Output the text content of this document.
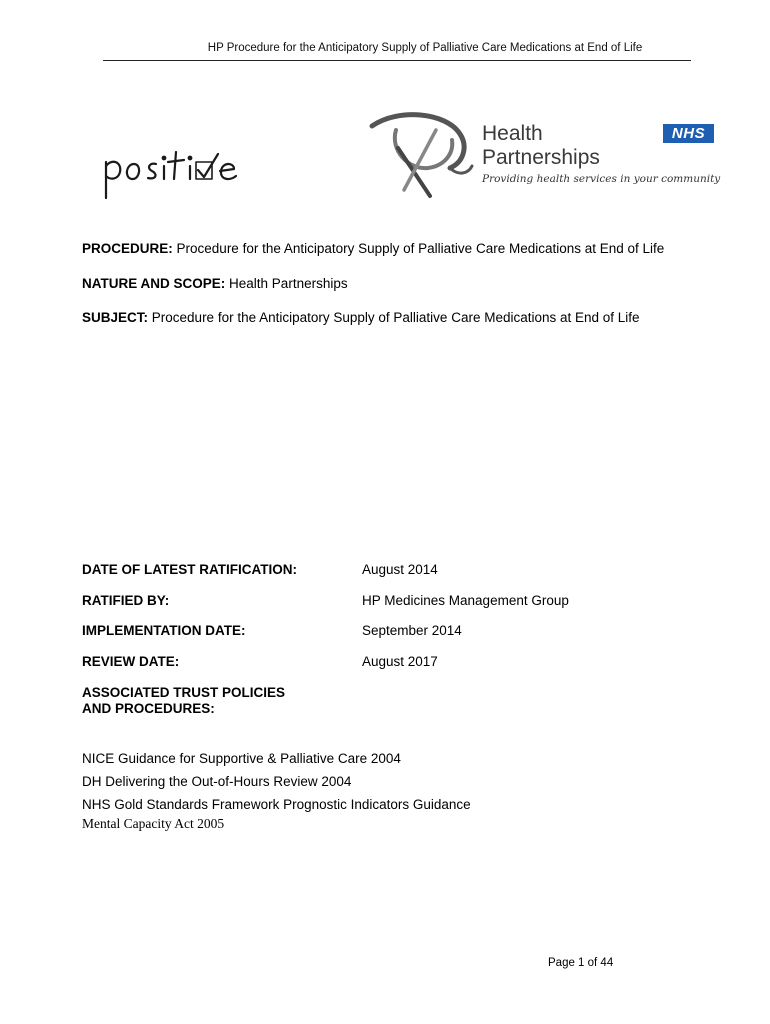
HP Procedure for the Anticipatory Supply of Palliative Care Medications at End of Life
Health
Partnerships
Providing health services in your community
NHS
PROCEDURE: Procedure for the Anticipatory Supply of Palliative Care Medications at End of Life
NATURE AND SCOPE: Health Partnerships
SUBJECT: Procedure for the Anticipatory Supply of Palliative Care Medications at End of Life
DATE OF LATEST RATIFICATION:	August 2014
RATIFIED BY:	HP Medicines Management Group
IMPLEMENTATION DATE:	September 2014
REVIEW DATE:	August 2017
ASSOCIATED TRUST POLICIES
AND PROCEDURES:
NICE Guidance for Supportive & Palliative Care 2004
DH Delivering the Out-of-Hours Review 2004
NHS Gold Standards Framework Prognostic Indicators Guidance
Mental Capacity Act 2005
Page 1 of 44
